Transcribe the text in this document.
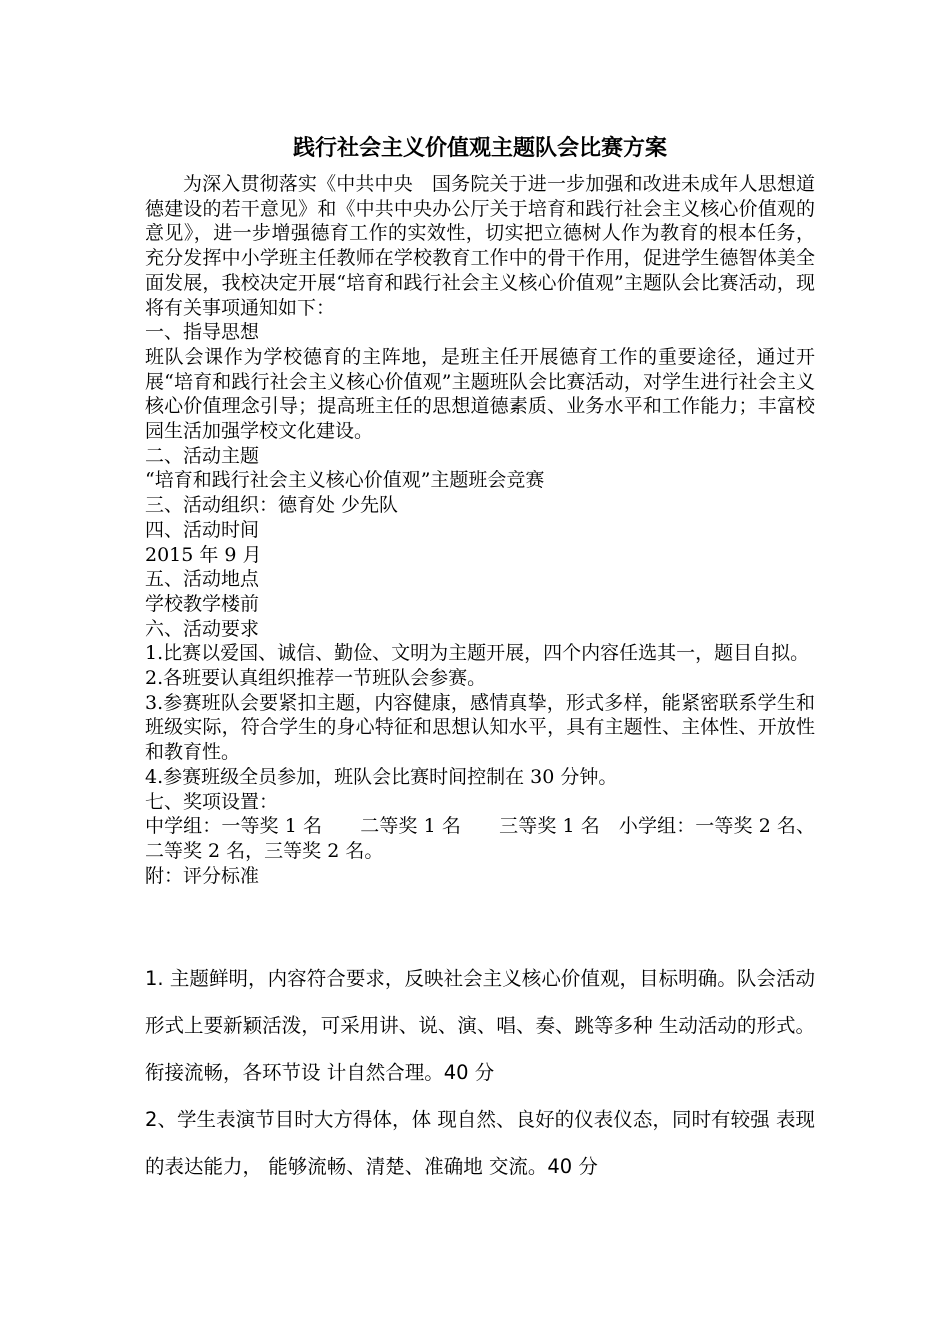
践行社会主义价值观主题队会比赛方案

为深入贯彻落实《中共中央　国务院关于进一步加强和改进未成年人思想道德建设的若干意见》和《中共中央办公厅关于培育和践行社会主义核心价值观的意见》，进一步增强德育工作的实效性，切实把立德树人作为教育的根本任务，充分发挥中小学班主任教师在学校教育工作中的骨干作用，促进学生德智体美全面发展，我校决定开展“培育和践行社会主义核心价值观”主题队会比赛活动，现将有关事项通知如下：

一、指导思想

班队会课作为学校德育的主阵地，是班主任开展德育工作的重要途径，通过开展“培育和践行社会主义核心价值观”主题班队会比赛活动，对学生进行社会主义核心价值理念引导；提高班主任的思想道德素质、业务水平和工作能力；丰富校园生活加强学校文化建设。

二、活动主题

“培育和践行社会主义核心价值观”主题班会竞赛

三、活动组织：德育处 少先队

四、活动时间

2015 年 9 月

五、活动地点

学校教学楼前

六、活动要求

1.比赛以爱国、诚信、勤俭、文明为主题开展，四个内容任选其一，题目自拟。

2.各班要认真组织推荐一节班队会参赛。

3.参赛班队会要紧扣主题，内容健康，感情真挚，形式多样，能紧密联系学生和班级实际，符合学生的身心特征和思想认知水平，具有主题性、主体性、开放性和教育性。

4.参赛班级全员参加，班队会比赛时间控制在 30 分钟。

七、奖项设置：

中学组：一等奖 1 名　　二等奖 1 名　　三等奖 1 名　小学组：一等奖 2 名、二等奖 2 名，三等奖 2 名。

附：评分标准

1. 主题鲜明，内容符合要求，反映社会主义核心价值观，目标明确。队会活动形式上要新颖活泼，可采用讲、说、演、唱、奏、跳等多种 生动活动的形式。衔接流畅，各环节设 计自然合理。40 分

2、学生表演节目时大方得体，体 现自然、良好的仪表仪态，同时有较强 表现 的表达能力， 能够流畅、清楚、准确地 交流。40 分
